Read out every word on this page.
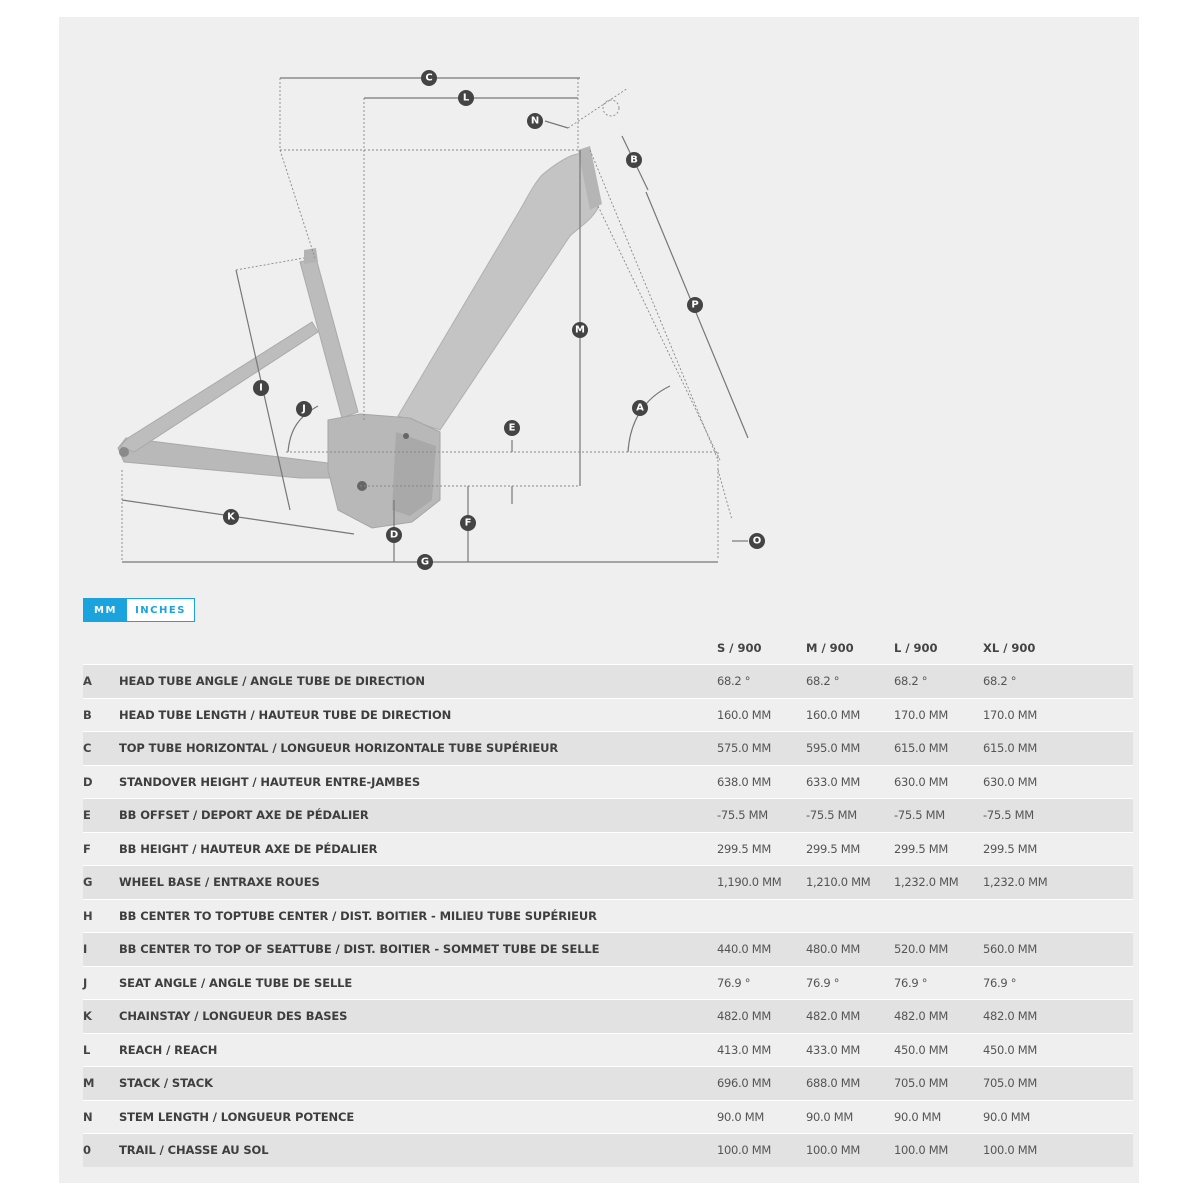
C
L
N
B
P
M
A
E
I
J
K
D
F
G
O
MM	INCHES
		S / 900	M / 900	L / 900	XL / 900
A	HEAD TUBE ANGLE / ANGLE TUBE DE DIRECTION	68.2 °	68.2 °	68.2 °	68.2 °
B	HEAD TUBE LENGTH / HAUTEUR TUBE DE DIRECTION	160.0 MM	160.0 MM	170.0 MM	170.0 MM
C	TOP TUBE HORIZONTAL / LONGUEUR HORIZONTALE TUBE SUPÉRIEUR	575.0 MM	595.0 MM	615.0 MM	615.0 MM
D	STANDOVER HEIGHT / HAUTEUR ENTRE-JAMBES	638.0 MM	633.0 MM	630.0 MM	630.0 MM
E	BB OFFSET / DEPORT AXE DE PÉDALIER	-75.5 MM	-75.5 MM	-75.5 MM	-75.5 MM
F	BB HEIGHT / HAUTEUR AXE DE PÉDALIER	299.5 MM	299.5 MM	299.5 MM	299.5 MM
G	WHEEL BASE / ENTRAXE ROUES	1,190.0 MM	1,210.0 MM	1,232.0 MM	1,232.0 MM
H	BB CENTER TO TOPTUBE CENTER / DIST. BOITIER - MILIEU TUBE SUPÉRIEUR				
I	BB CENTER TO TOP OF SEATTUBE / DIST. BOITIER - SOMMET TUBE DE SELLE	440.0 MM	480.0 MM	520.0 MM	560.0 MM
J	SEAT ANGLE / ANGLE TUBE DE SELLE	76.9 °	76.9 °	76.9 °	76.9 °
K	CHAINSTAY / LONGUEUR DES BASES	482.0 MM	482.0 MM	482.0 MM	482.0 MM
L	REACH / REACH	413.0 MM	433.0 MM	450.0 MM	450.0 MM
M	STACK / STACK	696.0 MM	688.0 MM	705.0 MM	705.0 MM
N	STEM LENGTH / LONGUEUR POTENCE	90.0 MM	90.0 MM	90.0 MM	90.0 MM
0	TRAIL / CHASSE AU SOL	100.0 MM	100.0 MM	100.0 MM	100.0 MM
